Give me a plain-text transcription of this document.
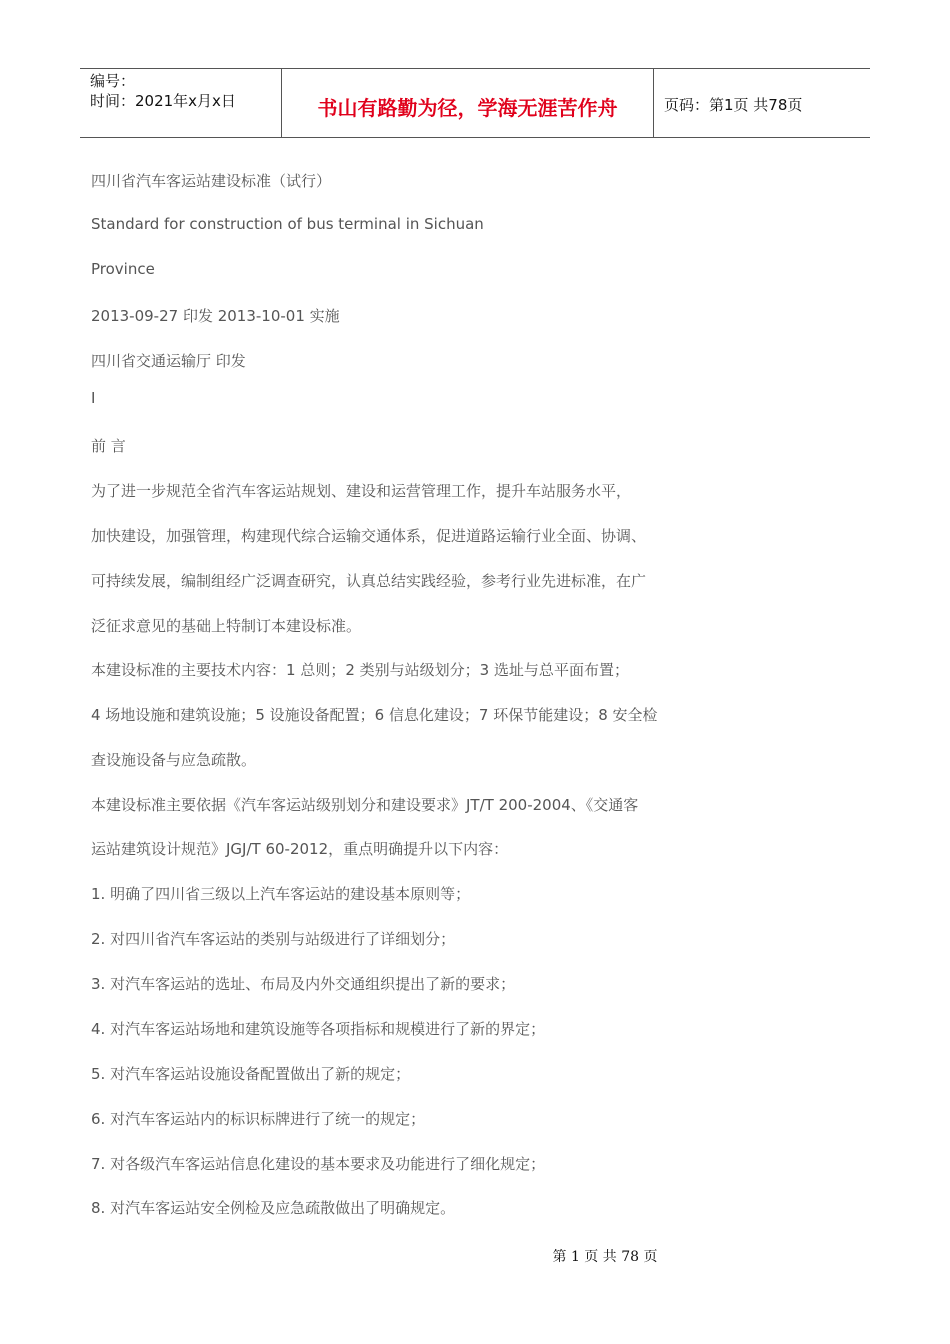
编号：
时间：2021年x月x日	书山有路勤为径，学海无涯苦作舟	页码：第1页 共78页
四川省汽车客运站建设标准（试行）
Standard for construction of bus terminal in Sichuan
Province
2013-09-27 印发 2013-10-01 实施
四川省交通运输厅 印发
I
前 言
为了进一步规范全省汽车客运站规划、建设和运营管理工作，提升车站服务水平，
加快建设，加强管理，构建现代综合运输交通体系，促进道路运输行业全面、协调、
可持续发展，编制组经广泛调查研究，认真总结实践经验，参考行业先进标准，在广
泛征求意见的基础上特制订本建设标准。
本建设标准的主要技术内容：1 总则；2 类别与站级划分；3 选址与总平面布置；
4 场地设施和建筑设施；5 设施设备配置；6 信息化建设；7 环保节能建设；8 安全检
查设施设备与应急疏散。
本建设标准主要依据《汽车客运站级别划分和建设要求》JT/T 200-2004、《交通客
运站建筑设计规范》JGJ/T 60-2012，重点明确提升以下内容：
1. 明确了四川省三级以上汽车客运站的建设基本原则等；
2. 对四川省汽车客运站的类别与站级进行了详细划分；
3. 对汽车客运站的选址、布局及内外交通组织提出了新的要求；
4. 对汽车客运站场地和建筑设施等各项指标和规模进行了新的界定；
5. 对汽车客运站设施设备配置做出了新的规定；
6. 对汽车客运站内的标识标牌进行了统一的规定；
7. 对各级汽车客运站信息化建设的基本要求及功能进行了细化规定；
8. 对汽车客运站安全例检及应急疏散做出了明确规定。
第 1 页 共 78 页
